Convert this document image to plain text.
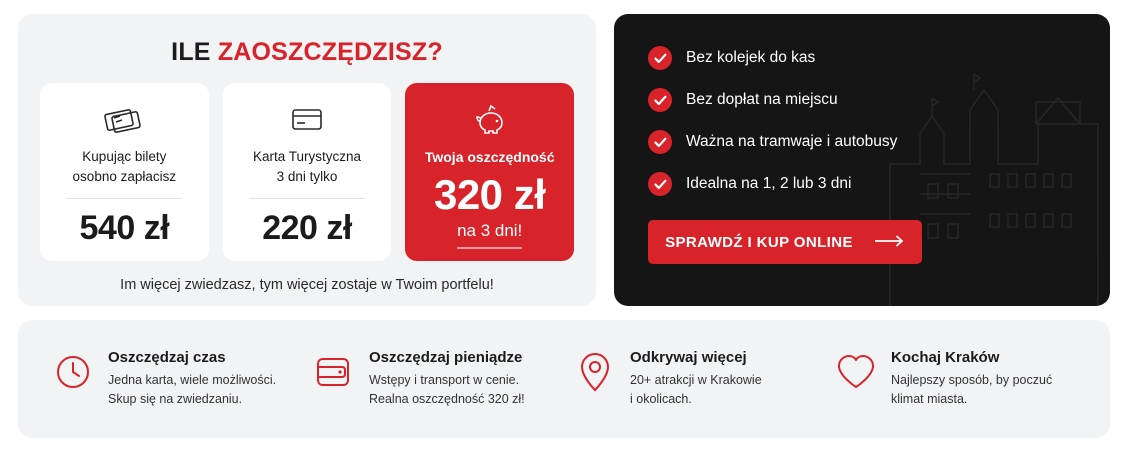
ILE ZAOSZCZĘDZISZ?
Kupując bilety
osobno zapłacisz
540 zł
Karta Turystyczna
3 dni tylko
220 zł
Twoja oszczędność
320 zł
na 3 dni!
Im więcej zwiedzasz, tym więcej zostaje w Twoim portfelu!
Bez kolejek do kas
Bez dopłat na miejscu
Ważna na tramwaje i autobusy
Idealna na 1, 2 lub 3 dni
SPRAWDŹ I KUP ONLINE
Oszczędzaj czas
Jedna karta, wiele możliwości.
Skup się na zwiedzaniu.
Oszczędzaj pieniądze
Wstępy i transport w cenie.
Realna oszczędność 320 zł!
Odkrywaj więcej
20+ atrakcji w Krakowie
i okolicach.
Kochaj Kraków
Najlepszy sposób, by poczuć
klimat miasta.
